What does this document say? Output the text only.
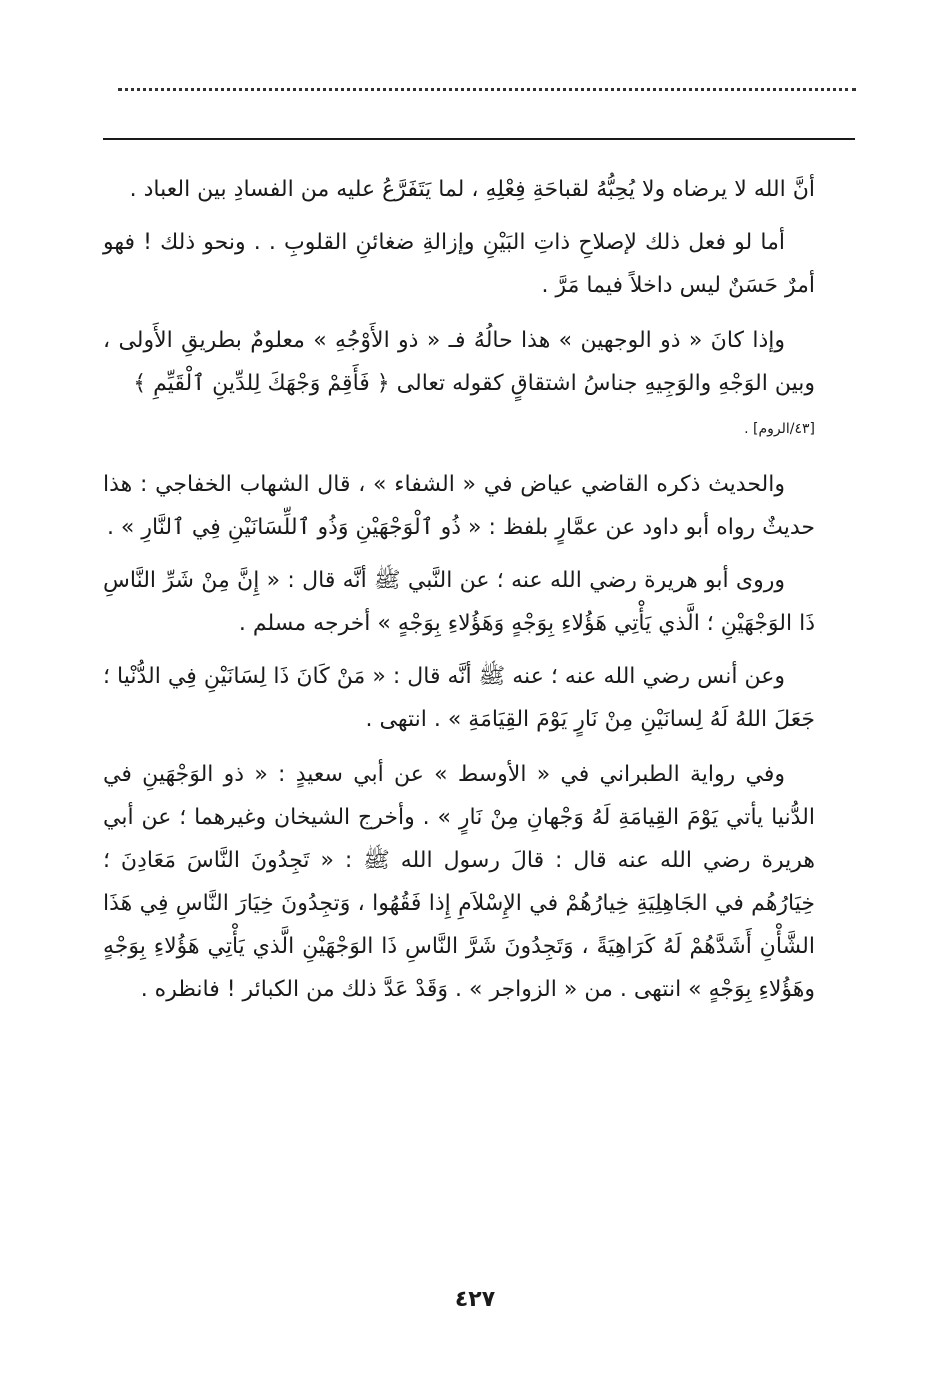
أنَّ الله لا يرضاه ولا يُحِبُّهُ لقباحَةِ فِعْلِهِ ، لما يَتَفَرَّعُ عليه من الفسادِ بين العباد .

أما لو فعل ذلك لإصلاحِ ذاتِ البَيْنِ وإزالةِ ضغائنِ القلوبِ . . ونحو ذلك ! فهو أمرٌ حَسَنٌ ليس داخلاً فيما مَرَّ .

وإذا كانَ « ذو الوجهين » هذا حالُهُ فـ « ذو الأَوْجُهِ » معلومٌ بطريقِ الأَولى ، وبين الوَجْهِ والوَجِيهِ جناسُ اشتقاقٍ كقوله تعالى ﴿ فَأَقِمْ وَجْهَكَ لِلدِّينِ ٱلْقَيِّمِ ﴾
[٤٣/الروم] .

والحديث ذكره القاضي عياض في « الشفاء » ، قال الشهاب الخفاجي : هذا حديثٌ رواه أبو داود عن عمَّارٍ بلفظ : « ذُو ٱلْوَجْهَيْنِ وَذُو ٱللِّسَانَيْنِ فِي ٱلنَّارِ » .

وروى أبو هريرة رضي الله عنه ؛ عن النَّبي ﷺ أنَّه قال : « إِنَّ مِنْ شَرِّ النَّاسِ ذَا الوَجْهَيْنِ ؛ الَّذي يَأْتِي هَؤُلاءِ بِوَجْهٍ وَهَؤُلاءِ بِوَجْهٍ » أخرجه مسلم .

وعن أنس رضي الله عنه ؛ عنه ﷺ أنَّه قال : « مَنْ كَانَ ذَا لِسَانَيْنِ فِي الدُّنْيا ؛ جَعَلَ اللهُ لَهُ لِسانَيْنِ مِنْ نَارٍ يَوْمَ القِيَامَةِ » . انتهى .

وفي رواية الطبراني في « الأوسط » عن أبي سعيدٍ : « ذو الوَجْهَينِ في الدُّنيا يأتي يَوْمَ القِيامَةِ لَهُ وَجْهانِ مِنْ نَارٍ » . وأخرج الشيخان وغيرهما ؛ عن أبي هريرة رضي الله عنه قال : قالَ رسول الله ﷺ : « تَجِدُونَ النَّاسَ مَعَادِنَ ؛ خِيَارُهُم في الجَاهِلِيَةِ خِيارُهُمْ في الإِسْلاَمِ إِذا فَقُهُوا ، وَتجِدُونَ خِيَارَ النَّاسِ فِي هَذَا الشَّأْنِ أَشَدَّهُمْ لَهُ كَرَاهِيَةً ، وَتَجِدُونَ شَرَّ النَّاسِ ذَا الوَجْهَيْنِ الَّذي يَأْتِي هَؤُلاءِ بِوَجْهٍ وهَؤُلاءِ بِوَجْهٍ » انتهى . من « الزواجر » . وَقَدْ عَدَّ ذلك من الكبائر ! فانظره .

٤٢٧
